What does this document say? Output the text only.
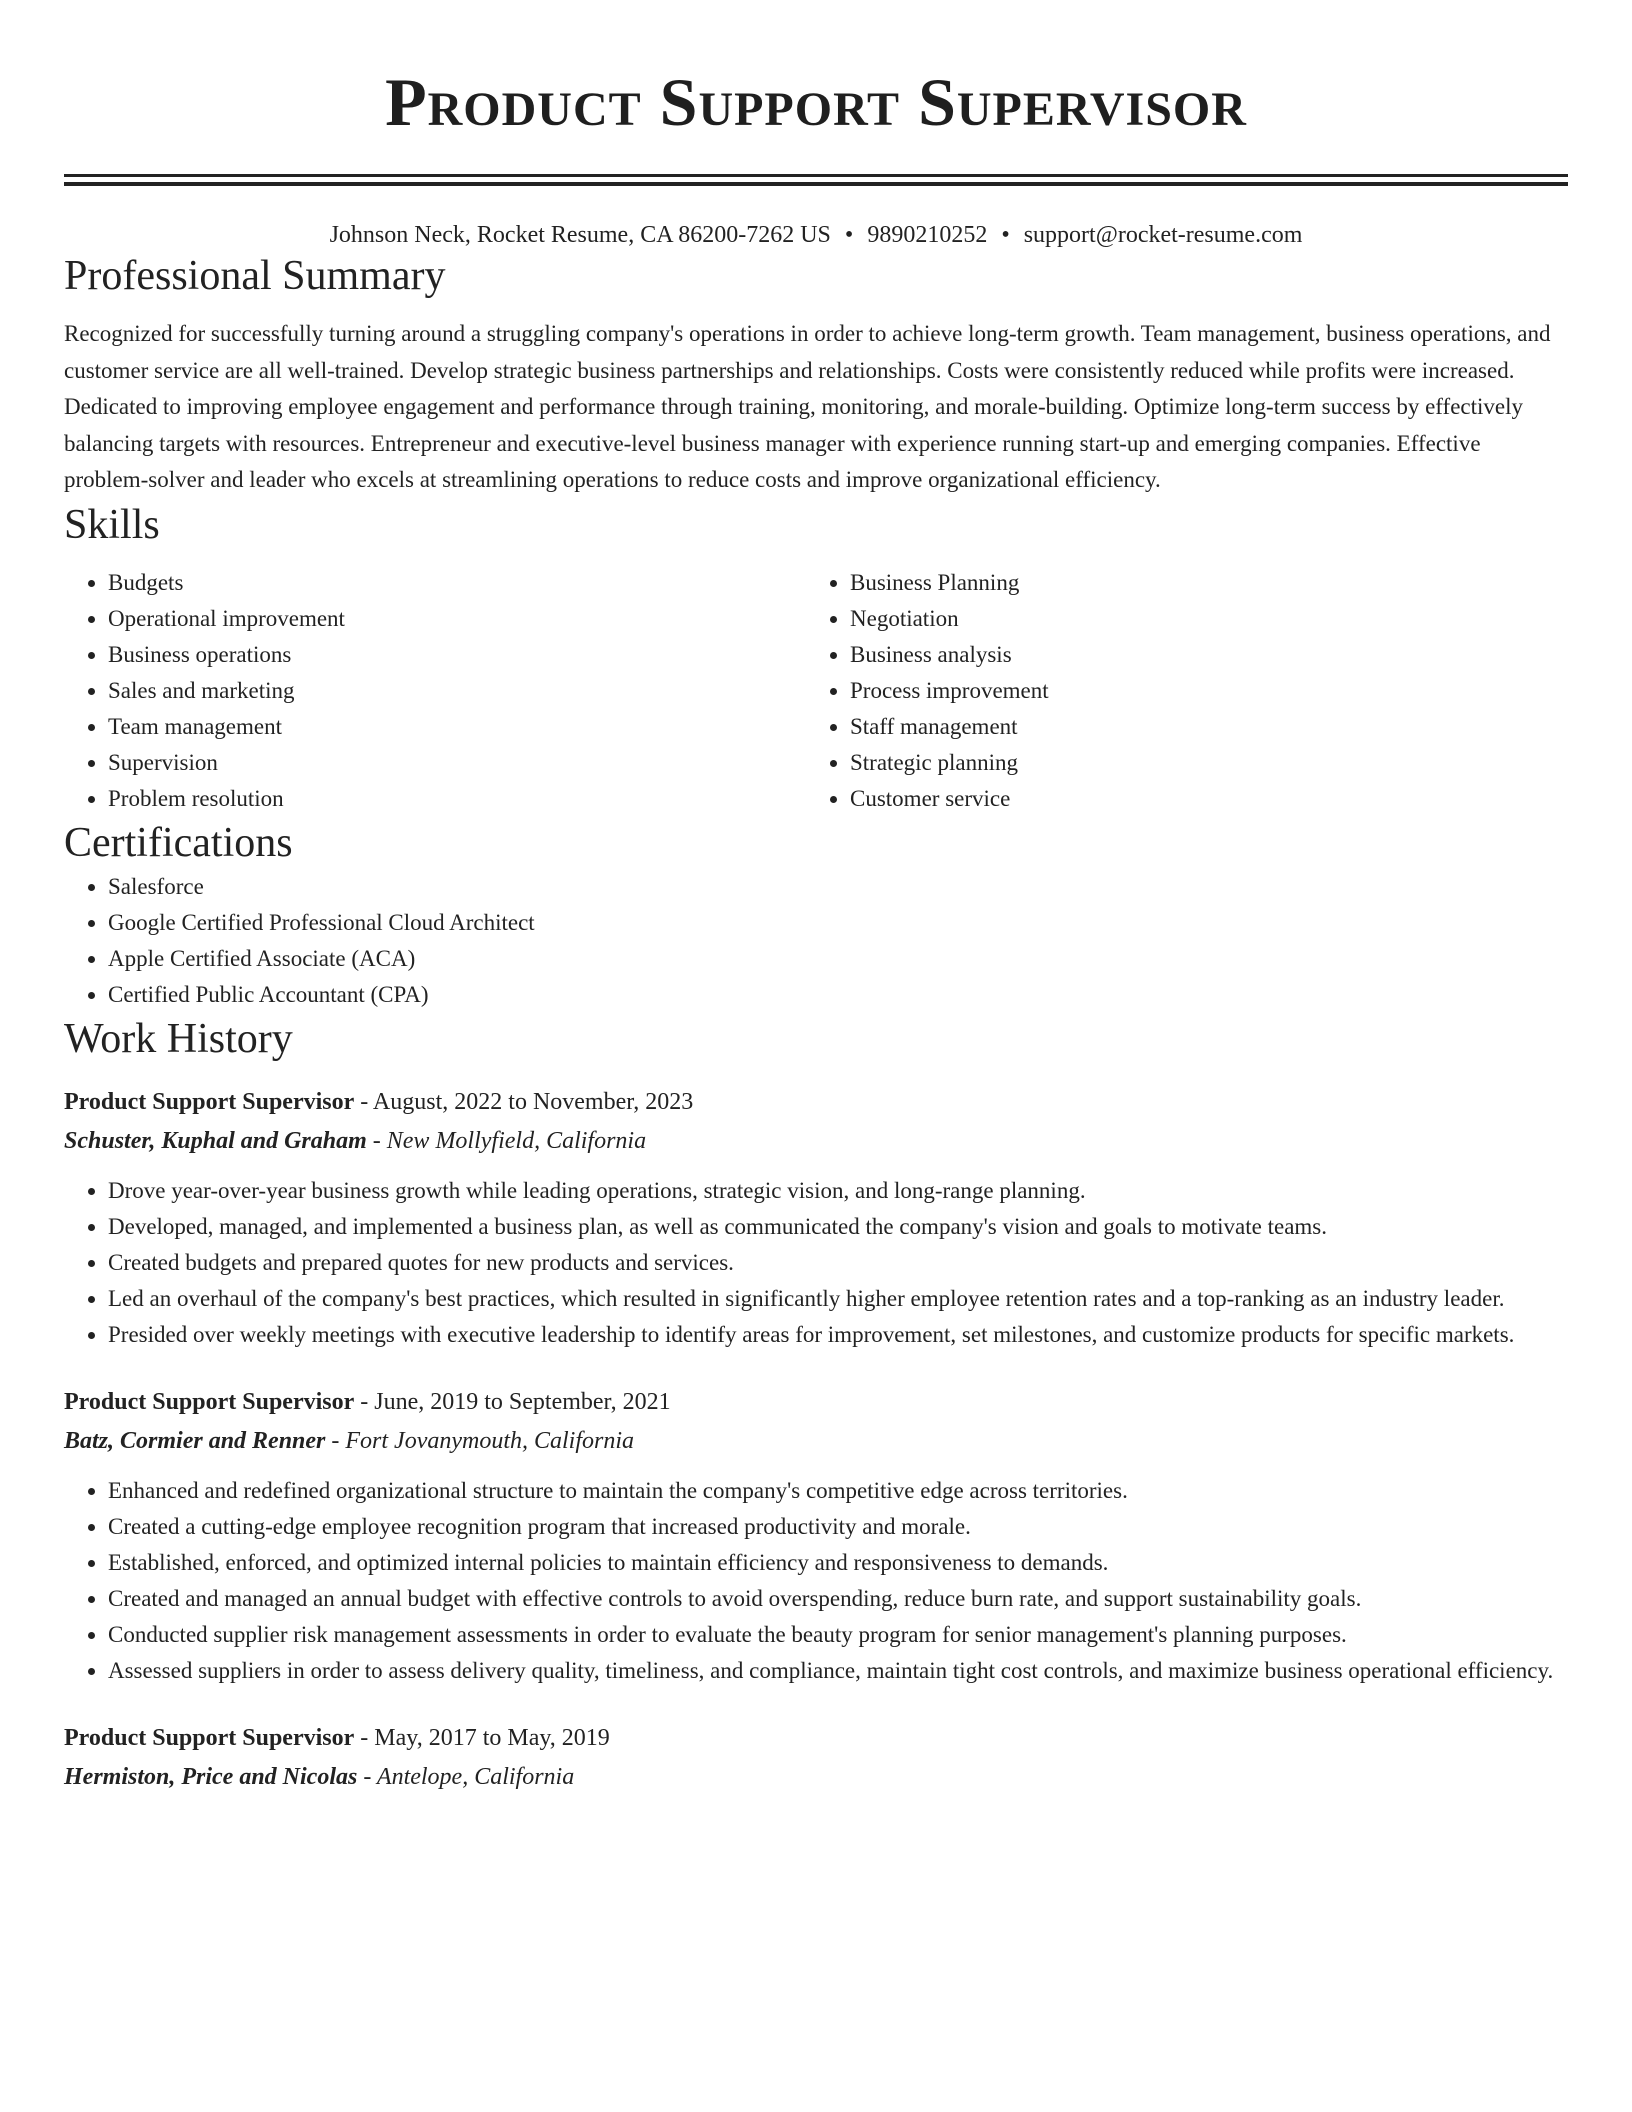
Product Support Supervisor
Johnson Neck, Rocket Resume, CA 86200-7262 US • 9890210252 • support@rocket-resume.com
Professional Summary

Recognized for successfully turning around a struggling company's operations in order to achieve long-term growth. Team management, business operations, and customer service are all well-trained. Develop strategic business partnerships and relationships. Costs were consistently reduced while profits were increased. Dedicated to improving employee engagement and performance through training, monitoring, and morale-building. Optimize long-term success by effectively balancing targets with resources. Entrepreneur and executive-level business manager with experience running start-up and emerging companies. Effective problem-solver and leader who excels at streamlining operations to reduce costs and improve organizational efficiency.

Skills
• Budgets
• Operational improvement
• Business operations
• Sales and marketing
• Team management
• Supervision
• Problem resolution
• Business Planning
• Negotiation
• Business analysis
• Process improvement
• Staff management
• Strategic planning
• Customer service
Certifications
• Salesforce
• Google Certified Professional Cloud Architect
• Apple Certified Associate (ACA)
• Certified Public Accountant (CPA)
Work History
Product Support Supervisor - August, 2022 to November, 2023
Schuster, Kuphal and Graham - New Mollyfield, California
• Drove year-over-year business growth while leading operations, strategic vision, and long-range planning.
• Developed, managed, and implemented a business plan, as well as communicated the company's vision and goals to motivate teams.
• Created budgets and prepared quotes for new products and services.
• Led an overhaul of the company's best practices, which resulted in significantly higher employee retention rates and a top-ranking as an industry leader.
• Presided over weekly meetings with executive leadership to identify areas for improvement, set milestones, and customize products for specific markets.
Product Support Supervisor - June, 2019 to September, 2021
Batz, Cormier and Renner - Fort Jovanymouth, California
• Enhanced and redefined organizational structure to maintain the company's competitive edge across territories.
• Created a cutting-edge employee recognition program that increased productivity and morale.
• Established, enforced, and optimized internal policies to maintain efficiency and responsiveness to demands.
• Created and managed an annual budget with effective controls to avoid overspending, reduce burn rate, and support sustainability goals.
• Conducted supplier risk management assessments in order to evaluate the beauty program for senior management's planning purposes.
• Assessed suppliers in order to assess delivery quality, timeliness, and compliance, maintain tight cost controls, and maximize business operational efficiency.
Product Support Supervisor - May, 2017 to May, 2019
Hermiston, Price and Nicolas - Antelope, California
